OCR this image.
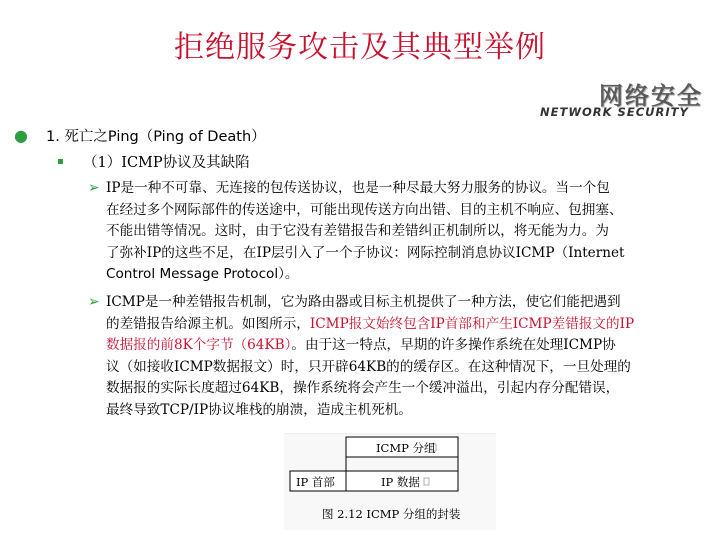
拒绝服务攻击及其典型举例
网络安全
NETWORK SECURITY
● 1. 死亡之Ping（Ping of Death）
（1）ICMP协议及其缺陷
➢ IP是一种不可靠、无连接的包传送协议，也是一种尽最大努力服务的协议。当一个包
在经过多个网际部件的传送途中，可能出现传送方向出错、目的主机不响应、包拥塞、
不能出错等情况。这时，由于它没有差错报告和差错纠正机制所以，将无能为力。为
了弥补IP的这些不足，在IP层引入了一个子协议：网际控制消息协议ICMP（Internet
Control Message Protocol）。
➢ ICMP是一种差错报告机制，它为路由器或目标主机提供了一种方法，使它们能把遇到
的差错报告给源主机。如图所示，ICMP报文始终包含IP首部和产生ICMP差错报文的IP
数据报的前8K个字节（64KB）。由于这一特点，早期的许多操作系统在处理ICMP协
议（如接收ICMP数据报文）时，只开辟64KB的的缓存区。在这种情况下，一旦处理的
数据报的实际长度超过64KB，操作系统将会产生一个缓冲溢出，引起内存分配错误，
最终导致TCP/IP协议堆栈的崩溃，造成主机死机。
ICMP 分组
IP 首部	IP 数据
图 2.12 ICMP 分组的封装
